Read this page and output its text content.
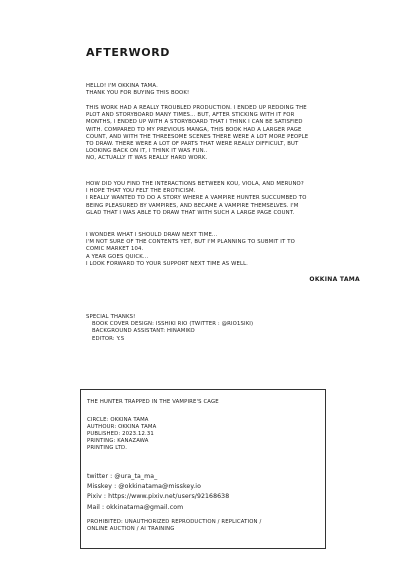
AFTERWORD
HELLO! I'M OKKINA TAMA.
THANK YOU FOR BUYING THIS BOOK!
THIS WORK HAD A REALLY TROUBLED PRODUCTION. I ENDED UP REDOING THE
PLOT AND STORYBOARD MANY TIMES... BUT, AFTER STICKING WITH IT FOR
MONTHS, I ENDED UP WITH A STORYBOARD THAT I THINK I CAN BE SATISFIED
WITH. COMPARED TO MY PREVIOUS MANGA, THIS BOOK HAD A LARGER PAGE
COUNT, AND WITH THE THREESOME SCENES THERE WERE A LOT MORE PEOPLE
TO DRAW. THERE WERE A LOT OF PARTS THAT WERE REALLY DIFFICULT, BUT
LOOKING BACK ON IT, I THINK IT WAS FUN..
NO, ACTUALLY IT WAS REALLY HARD WORK.
HOW DID YOU FIND THE INTERACTIONS BETWEEN KOU, VIOLA, AND MERUNO?
I HOPE THAT YOU FELT THE EROTICISM.
I REALLY WANTED TO DO A STORY WHERE A VAMPIRE HUNTER SUCCUMBED TO
BEING PLEASURED BY VAMPIRES, AND BECAME A VAMPIRE THEMSELVES. I'M
GLAD THAT I WAS ABLE TO DRAW THAT WITH SUCH A LARGE PAGE COUNT.
I WONDER WHAT I SHOULD DRAW NEXT TIME...
I'M NOT SURE OF THE CONTENTS YET, BUT I'M PLANNING TO SUBMIT IT TO
COMIC MARKET 104.
A YEAR GOES QUICK...
I LOOK FORWARD TO YOUR SUPPORT NEXT TIME AS WELL.
OKKINA TAMA
SPECIAL THANKS!
BOOK COVER DESIGN: ISSHIKI RIO (TWITTER : @RIO1SIKI)
BACKGROUND ASSISTANT: HINAMIKO
EDITOR: Y.S
THE HUNTER TRAPPED IN THE VAMPIRE'S CAGE
CIRCLE: OKKINA TAMA
AUTHOUR: OKKINA TAMA
PUBLISHED: 2023.12.31
PRINTING: KANAZAWA
PRINTING LTD.
twitter : @ura_ta_ma_
Misskey : @okkinatama@misskey.io
Pixiv : https://www.pixiv.net/users/92168638
Mail : okkinatama@gmail.com
PROHIBITED: UNAUTHORIZED REPRODUCTION / REPLICATION /
ONLINE AUCTION / AI TRAINING
